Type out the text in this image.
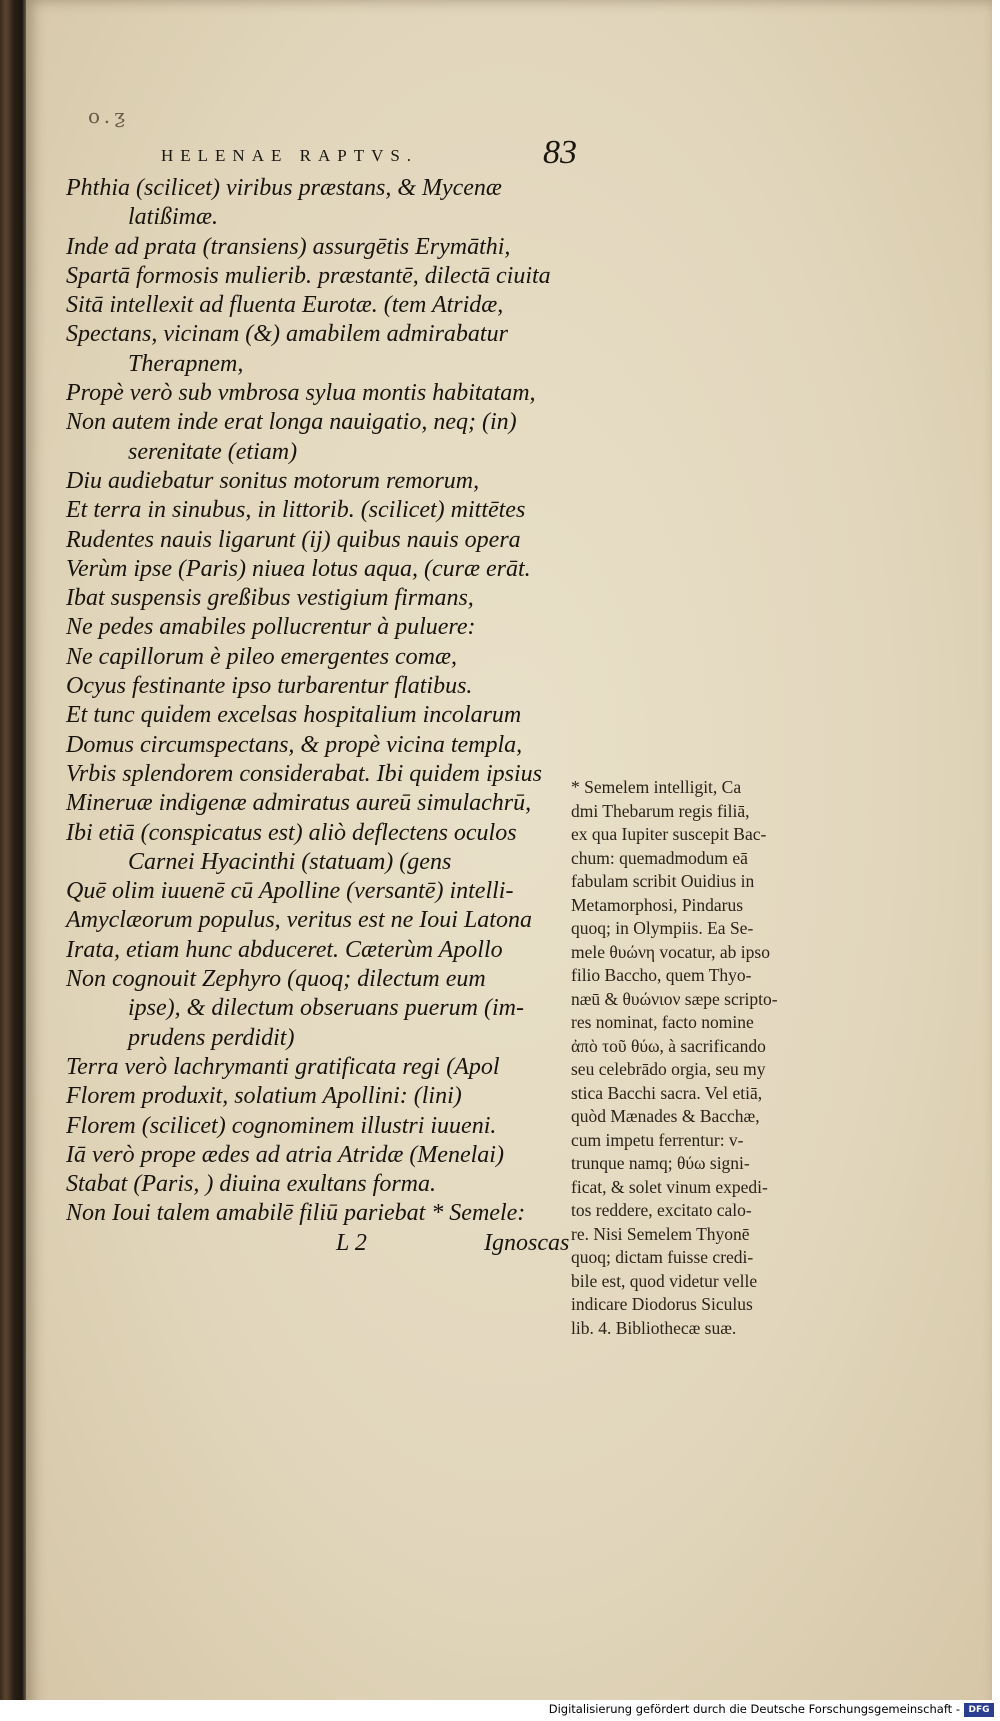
o.ƺ
HELENAE RAPTVS.	83
Phthia (scilicet) viribus præstans, & Mycenæ
latißimæ.
Inde ad prata (transiens) assurgētis Erymāthi,
Spartā formosis mulierib. præstantē, dilectā ciuita
Sitā intellexit ad fluenta Eurotæ. (tem Atridæ,
Spectans, vicinam (&) amabilem admirabatur
Therapnem,
Propè verò sub vmbrosa sylua montis habitatam,
Non autem inde erat longa nauigatio, neq; (in)
serenitate (etiam)
Diu audiebatur sonitus motorum remorum,
Et terra in sinubus, in littorib. (scilicet) mittētes
Rudentes nauis ligarunt (ij) quibus nauis opera
Verùm ipse (Paris) niuea lotus aqua, (curæ erāt.
Ibat suspensis greßibus vestigium firmans,
Ne pedes amabiles pollucrentur à puluere:
Ne capillorum è pileo emergentes comæ,
Ocyus festinante ipso turbarentur flatibus.
Et tunc quidem excelsas hospitalium incolarum
Domus circumspectans, & propè vicina templa,
Vrbis splendorem considerabat. Ibi quidem ipsius
Mineruæ indigenæ admiratus aureū simulachrū,
Ibi etiā (conspicatus est) aliò deflectens oculos
Carnei Hyacinthi (statuam) (gens
Quē olim iuuenē cū Apolline (versantē) intelli-
Amyclæorum populus, veritus est ne Ioui Latona
Irata, etiam hunc abduceret. Cæterùm Apollo
Non cognouit Zephyro (quoq; dilectum eum
ipse), & dilectum obseruans puerum (im-
prudens perdidit)
Terra verò lachrymanti gratificata regi (Apol
Florem produxit, solatium Apollini: (lini)
Florem (scilicet) cognominem illustri iuueni.
Iā verò prope ædes ad atria Atridæ (Menelai)
Stabat (Paris, ) diuina exultans forma.
Non Ioui talem amabilē filiū pariebat * Semele:
L 2	Ignoscas
* Semelem intelligit, Ca
dmi Thebarum regis filiā,
ex qua Iupiter suscepit Bac-
chum: quemadmodum eā
fabulam scribit Ouidius in
Metamorphosi, Pindarus
quoq; in Olympiis. Ea Se-
mele θυώνη vocatur, ab ipso
filio Baccho, quem Thyo-
næū & θυώνιον sæpe scripto-
res nominat, facto nomine
ἀπὸ τοῦ θύω, à sacrificando
seu celebrādo orgia, seu my
stica Bacchi sacra. Vel etiā,
quòd Mænades & Bacchæ,
cum impetu ferrentur: v-
trunque namq; θύω signi-
ficat, & solet vinum expedi-
tos reddere, excitato calo-
re. Nisi Semelem Thyonē
quoq; dictam fuisse credi-
bile est, quod videtur velle
indicare Diodorus Siculus
lib. 4. Bibliothecæ suæ.
Digitalisierung gefördert durch die Deutsche Forschungsgemeinschaft - DFG
